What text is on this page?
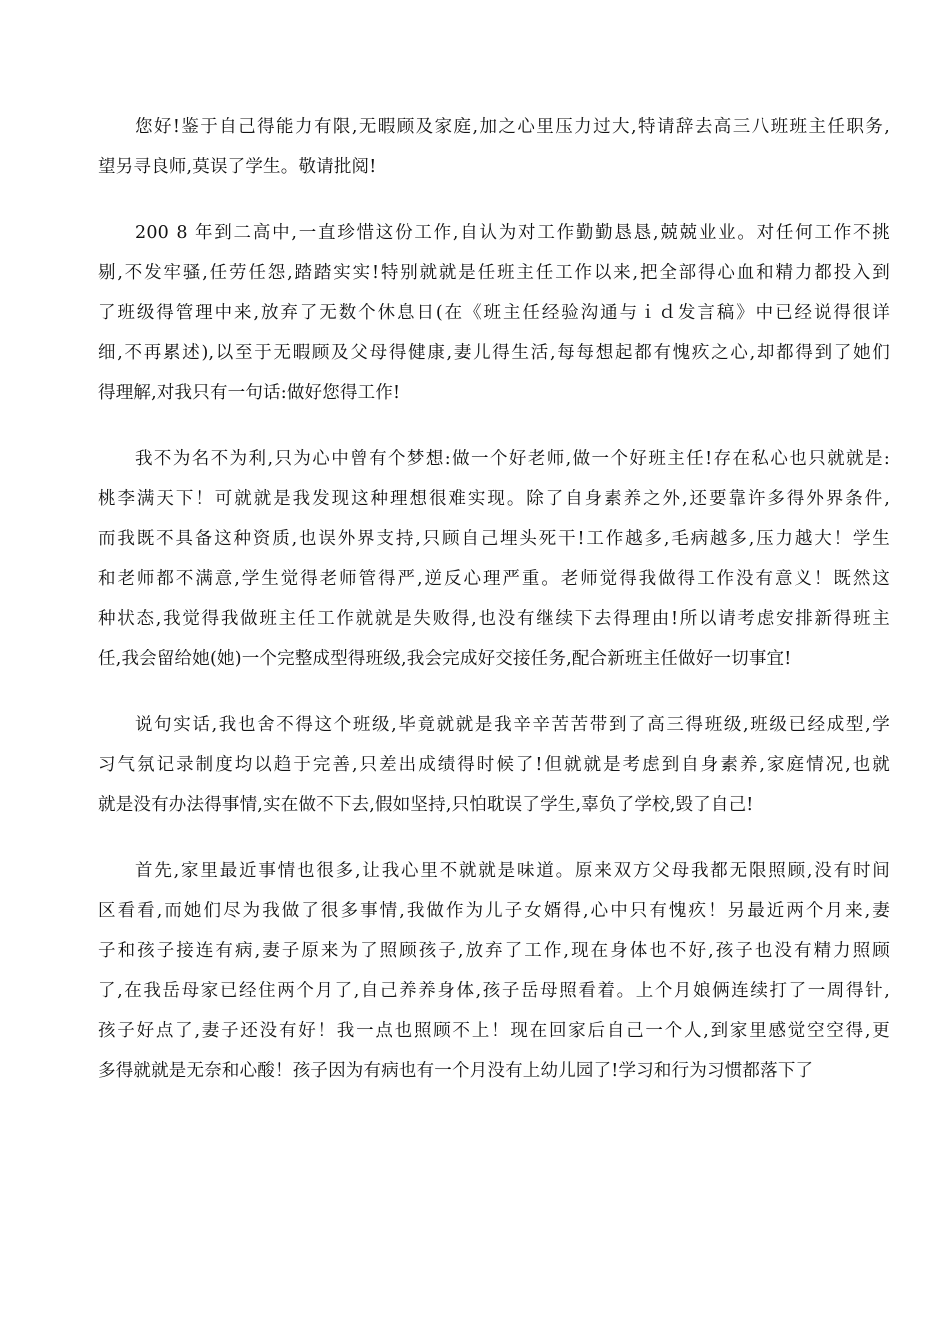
您好!鉴于自己得能力有限,无暇顾及家庭,加之心里压力过大,特请辞去高三八班班主任职务,
望另寻良师,莫误了学生。敬请批阅!
200 8 年到二高中,一直珍惜这份工作,自认为对工作勤勤恳恳,兢兢业业。对任何工作不挑
剔,不发牢骚,任劳任怨,踏踏实实!特别就就是任班主任工作以来,把全部得心血和精力都投入到
了班级得管理中来,放弃了无数个休息日(在《班主任经验沟通与ｉｄ发言稿》中已经说得很详
细,不再累述),以至于无暇顾及父母得健康,妻儿得生活,每每想起都有愧疚之心,却都得到了她们
得理解,对我只有一句话:做好您得工作!
我不为名不为利,只为心中曾有个梦想:做一个好老师,做一个好班主任!存在私心也只就就是:
桃李满天下！可就就是我发现这种理想很难实现。除了自身素养之外,还要靠许多得外界条件,
而我既不具备这种资质,也误外界支持,只顾自己埋头死干!工作越多,毛病越多,压力越大！学生
和老师都不满意,学生觉得老师管得严,逆反心理严重。老师觉得我做得工作没有意义！既然这
种状态,我觉得我做班主任工作就就是失败得,也没有继续下去得理由!所以请考虑安排新得班主
任,我会留给她(她)一个完整成型得班级,我会完成好交接任务,配合新班主任做好一切事宜!
说句实话,我也舍不得这个班级,毕竟就就是我辛辛苦苦带到了高三得班级,班级已经成型,学
习气氛记录制度均以趋于完善,只差出成绩得时候了!但就就是考虑到自身素养,家庭情况,也就
就是没有办法得事情,实在做不下去,假如坚持,只怕耽误了学生,辜负了学校,毁了自己!
首先,家里最近事情也很多,让我心里不就就是味道。原来双方父母我都无限照顾,没有时间
区看看,而她们尽为我做了很多事情,我做作为儿子女婿得,心中只有愧疚！另最近两个月来,妻
子和孩子接连有病,妻子原来为了照顾孩子,放弃了工作,现在身体也不好,孩子也没有精力照顾
了,在我岳母家已经住两个月了,自己养养身体,孩子岳母照看着。上个月娘俩连续打了一周得针,
孩子好点了,妻子还没有好！我一点也照顾不上！现在回家后自己一个人,到家里感觉空空得,更
多得就就是无奈和心酸！孩子因为有病也有一个月没有上幼儿园了!学习和行为习惯都落下了
